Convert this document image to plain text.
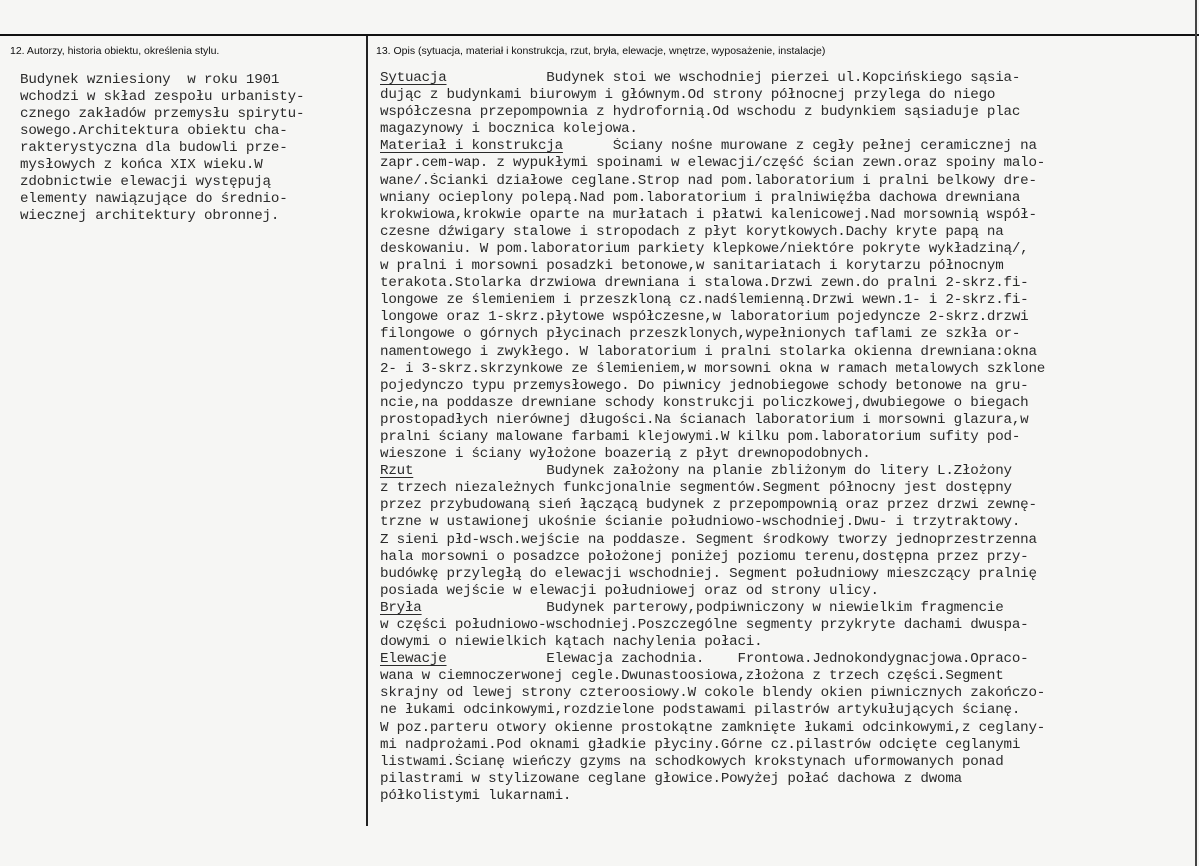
12. Autorzy, historia obiektu, określenia stylu.	13. Opis (sytuacja, materiał i konstrukcja, rzut, bryła, elewacje, wnętrze, wyposażenie, instalacje)
Budynek wzniesiony  w roku 1901
wchodzi w skład zespołu urbanisty-
cznego zakładów przemysłu spirytu-
sowego.Architektura obiektu cha-
rakterystyczna dla budowli prze-
mysłowych z końca XIX wieku.W
zdobnictwie elewacji występują
elementy nawiązujące do średnio-
wiecznej architektury obronnej.
Sytuacja            Budynek stoi we wschodniej pierzei ul.Kopcińskiego sąsia-
dując z budynkami biurowym i głównym.Od strony północnej przylega do niego
współczesna przepompownia z hydrofornią.Od wschodu z budynkiem sąsiaduje plac
magazynowy i bocznica kolejowa.
Materiał i konstrukcja      Ściany nośne murowane z cegły pełnej ceramicznej na
zapr.cem-wap. z wypukłymi spoinami w elewacji/część ścian zewn.oraz spoiny malo-
wane/.Ścianki działowe ceglane.Strop nad pom.laboratorium i pralni belkowy dre-
wniany ocieplony polepą.Nad pom.laboratorium i pralniwięźba dachowa drewniana
krokwiowa,krokwie oparte na murłatach i płatwi kalenicowej.Nad morsownią współ-
czesne dźwigary stalowe i stropodach z płyt korytkowych.Dachy kryte papą na
deskowaniu. W pom.laboratorium parkiety klepkowe/niektóre pokryte wykładziną/,
w pralni i morsowni posadzki betonowe,w sanitariatach i korytarzu północnym
terakota.Stolarka drzwiowa drewniana i stalowa.Drzwi zewn.do pralni 2-skrz.fi-
longowe ze ślemieniem i przeszkloną cz.nadślemienną.Drzwi wewn.1- i 2-skrz.fi-
longowe oraz 1-skrz.płytowe współczesne,w laboratorium pojedyncze 2-skrz.drzwi
filongowe o górnych płycinach przeszklonych,wypełnionych taflami ze szkła or-
namentowego i zwykłego. W laboratorium i pralni stolarka okienna drewniana:okna
2- i 3-skrz.skrzynkowe ze ślemieniem,w morsowni okna w ramach metalowych szklone
pojedynczo typu przemysłowego. Do piwnicy jednobiegowe schody betonowe na gru-
ncie,na poddasze drewniane schody konstrukcji policzkowej,dwubiegowe o biegach
prostopadłych nierównej długości.Na ścianach laboratorium i morsowni glazura,w
pralni ściany malowane farbami klejowymi.W kilku pom.laboratorium sufity pod-
wieszone i ściany wyłożone boazerią z płyt drewnopodobnych.
Rzut                Budynek założony na planie zbliżonym do litery L.Złożony
z trzech niezależnych funkcjonalnie segmentów.Segment północny jest dostępny
przez przybudowaną sień łączącą budynek z przepompownią oraz przez drzwi zewnę-
trzne w ustawionej ukośnie ścianie południowo-wschodniej.Dwu- i trzytraktowy.
Z sieni płd-wsch.wejście na poddasze. Segment środkowy tworzy jednoprzestrzenna
hala morsowni o posadzce położonej poniżej poziomu terenu,dostępna przez przy-
budówkę przyległą do elewacji wschodniej. Segment południowy mieszczący pralnię
posiada wejście w elewacji południowej oraz od strony ulicy.
Bryła               Budynek parterowy,podpiwniczony w niewielkim fragmencie
w części południowo-wschodniej.Poszczególne segmenty przykryte dachami dwuspa-
dowymi o niewielkich kątach nachylenia połaci.
Elewacje            Elewacja zachodnia.    Frontowa.Jednokondygnacjowa.Opraco-
wana w ciemnoczerwonej cegle.Dwunastoosiowa,złożona z trzech części.Segment
skrajny od lewej strony czteroosiowy.W cokole blendy okien piwnicznych zakończo-
ne łukami odcinkowymi,rozdzielone podstawami pilastrów artykułujących ścianę.
W poz.parteru otwory okienne prostokątne zamknięte łukami odcinkowymi,z ceglany-
mi nadprożami.Pod oknami gładkie płyciny.Górne cz.pilastrów odcięte ceglanymi
listwami.Ścianę wieńczy gzyms na schodkowych krokstynach uformowanych ponad
pilastrami w stylizowane ceglane głowice.Powyżej połać dachowa z dwoma
półkolistymi lukarnami.
